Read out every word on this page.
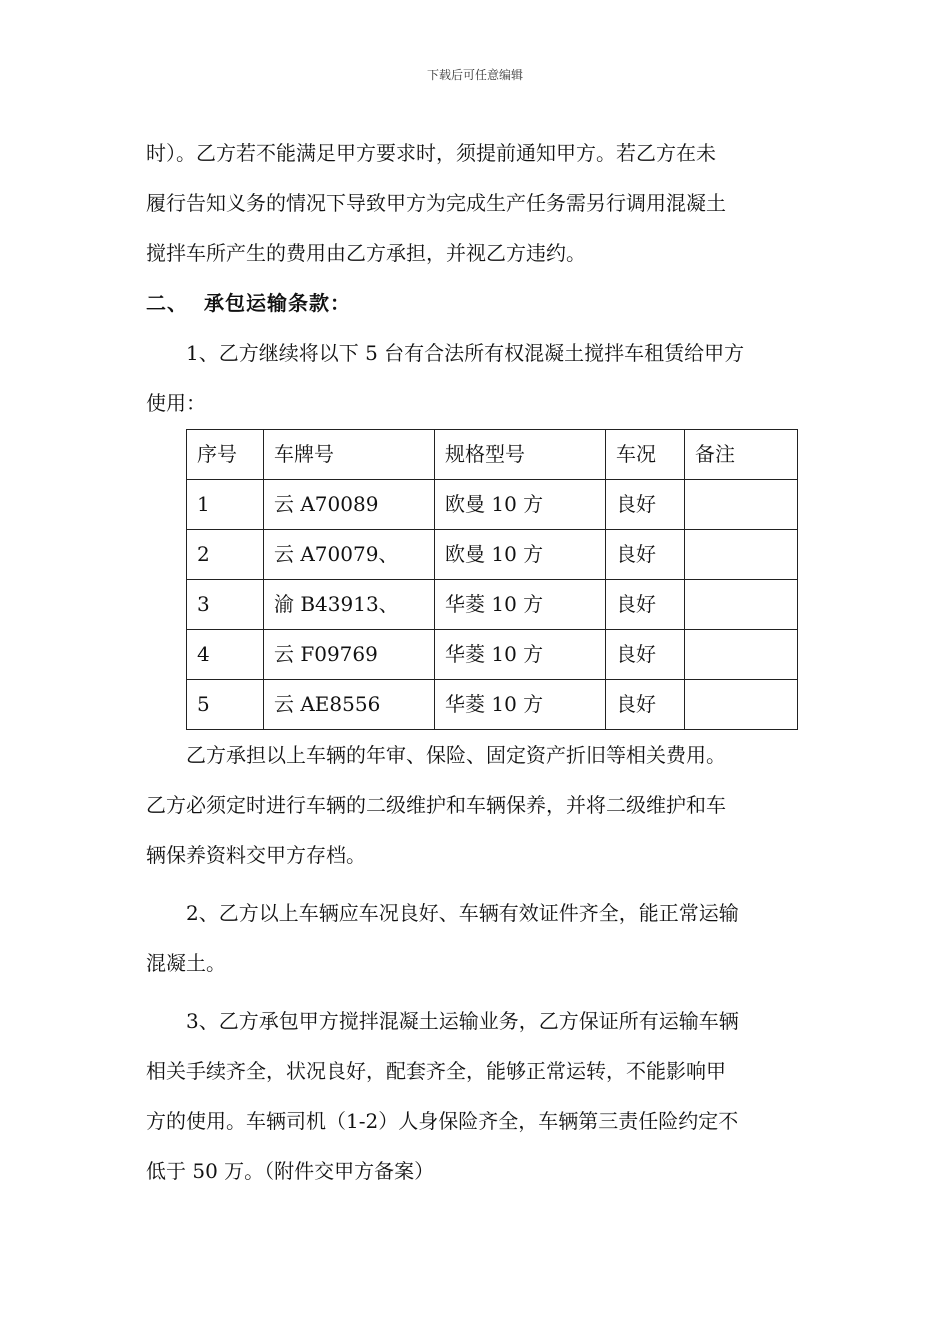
下载后可任意编辑

时）。乙方若不能满足甲方要求时，须提前通知甲方。若乙方在未

履行告知义务的情况下导致甲方为完成生产任务需另行调用混凝土

搅拌车所产生的费用由乙方承担，并视乙方违约。

二、 承包运输条款：

1、乙方继续将以下 5 台有合法所有权混凝土搅拌车租赁给甲方

使用：

序号	车牌号	规格型号	车况	备注
1	云 A70089	欧曼 10 方	良好	
2	云 A70079、	欧曼 10 方	良好	
3	渝 B43913、	华菱 10 方	良好	
4	云 F09769	华菱 10 方	良好	
5	云 AE8556	华菱 10 方	良好	

乙方承担以上车辆的年审、保险、固定资产折旧等相关费用。

乙方必须定时进行车辆的二级维护和车辆保养，并将二级维护和车

辆保养资料交甲方存档。

2、乙方以上车辆应车况良好、车辆有效证件齐全，能正常运输

混凝土。

3、乙方承包甲方搅拌混凝土运输业务，乙方保证所有运输车辆

相关手续齐全，状况良好，配套齐全，能够正常运转，不能影响甲

方的使用。车辆司机（1-2）人身保险齐全，车辆第三责任险约定不

低于 50 万。（附件交甲方备案）
